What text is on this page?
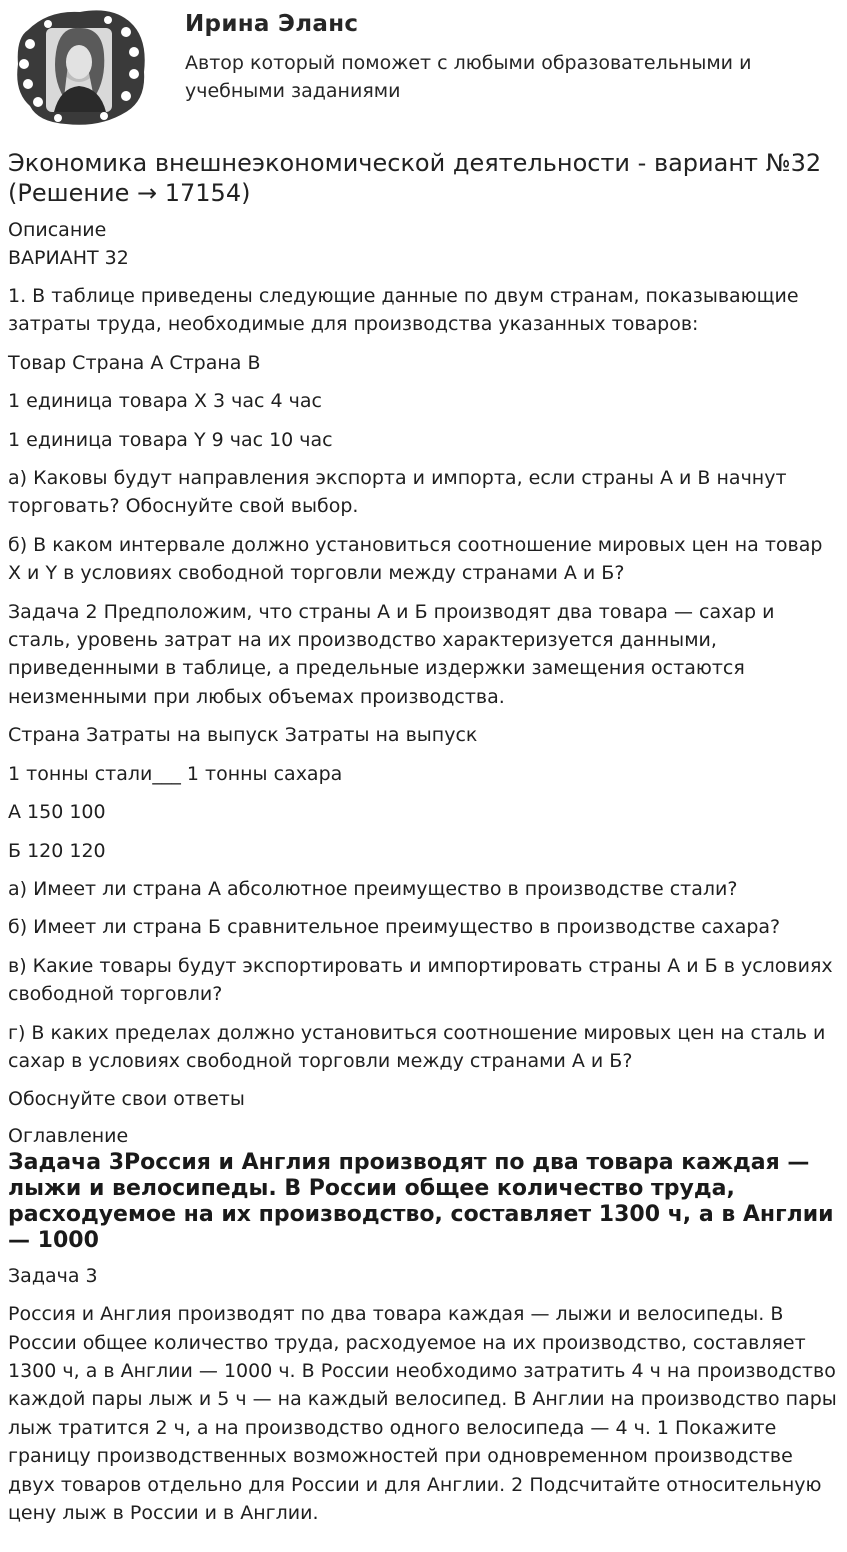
Ирина Эланс
Автор который поможет с любыми образовательными и учебными заданиями
Экономика внешнеэкономической деятельности - вариант №32 (Решение → 17154)
Описание
ВАРИАНТ 32

1. В таблице приведены следующие данные по двум странам, показывающие затраты труда, необходимые для производства указанных товаров:

Товар Страна А Страна В

1 единица товара X 3 час 4 час

1 единица товара Y 9 час 10 час

а) Каковы будут направления экспорта и импорта, если страны А и В начнут торговать? Обоснуйте свой выбор.

б) В каком интервале должно установиться соотношение мировых цен на товар X и Y в условиях свободной торговли между странами А и Б?

Задача 2 Предположим, что страны А и Б производят два товара — сахар и сталь, уровень затрат на их производство характеризуется данными, приведенными в таблице, а предельные издержки замещения остаются неизменными при любых объемах производства.

Страна Затраты на выпуск Затраты на выпуск

1 тонны стали___ 1 тонны сахара

А 150 100

Б 120 120

а) Имеет ли страна А абсолютное преимущество в производстве стали?

б) Имеет ли страна Б сравнительное преимущество в производстве сахара?

в) Какие товары будут экспортировать и импортировать страны А и Б в условиях свободной торговли?

г) В каких пределах должно установиться соотношение мировых цен на сталь и сахар в условиях свободной торговли между странами А и Б?

Обоснуйте свои ответы

Оглавление
Задача 3Россия и Англия производят по два товара каждая — лыжи и велосипеды. В России общее количество труда, расходуемое на их производство, составляет 1300 ч, а в Англии — 1000

Задача 3

Россия и Англия производят по два товара каждая — лыжи и велосипеды. В России общее количество труда, расходуемое на их производство, составляет 1300 ч, а в Англии — 1000 ч. В России необходимо затратить 4 ч на производство каждой пары лыж и 5 ч — на каждый велосипед. В Англии на производство пары лыж тратится 2 ч, а на производство одного велосипеда — 4 ч. 1 Покажите границу производственных возможностей при одновременном производстве двух товаров отдельно для России и для Англии. 2 Подсчитайте относительную цену лыж в России и в Англии.
